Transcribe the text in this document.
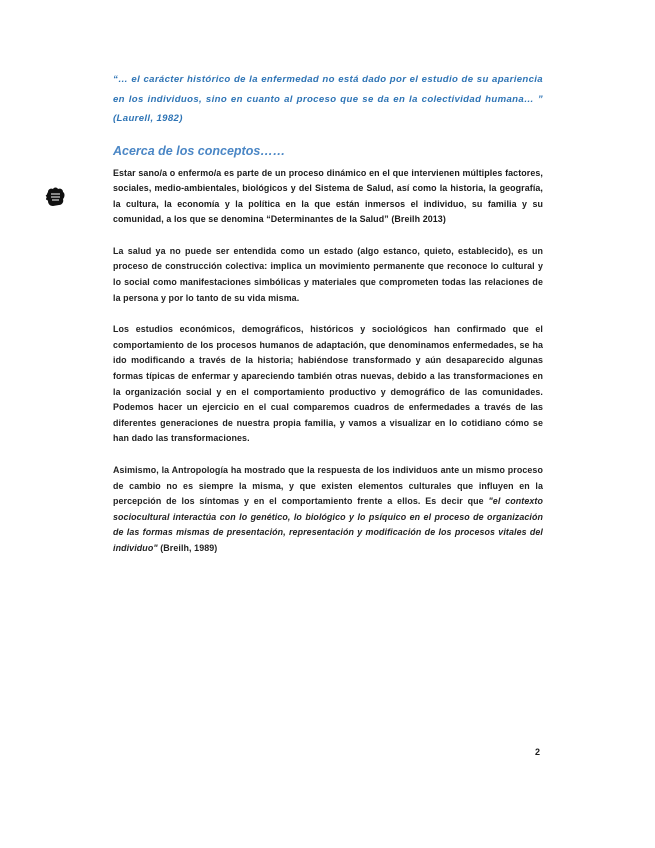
“… el carácter histórico de la enfermedad no está dado por el estudio de su apariencia en los individuos, sino en cuanto al proceso que se da en la colectividad humana… ” (Laurell, 1982)

Acerca de los conceptos……

Estar sano/a o enfermo/a es parte de un proceso dinámico en el que intervienen múltiples factores, sociales, medio-ambientales, biológicos y del Sistema de Salud, así como la historia, la geografía, la cultura, la economía y la política en la que están inmersos el individuo, su familia y su comunidad, a los que se denomina “Determinantes de la Salud” (Breilh 2013)

La salud ya no puede ser entendida como un estado (algo estanco, quieto, establecido), es un proceso de construcción colectiva: implica un movimiento permanente que reconoce lo cultural y lo social como manifestaciones simbólicas y materiales que comprometen todas las relaciones de la persona y por lo tanto de su vida misma.

Los estudios económicos, demográficos, históricos y sociológicos han confirmado que el comportamiento de los procesos humanos de adaptación, que denominamos enfermedades, se ha ido modificando a través de la historia; habiéndose transformado y aún desaparecido algunas formas típicas de enfermar y apareciendo también otras nuevas, debido a las transformaciones en la organización social y en el comportamiento productivo y demográfico de las comunidades. Podemos hacer un ejercicio en el cual comparemos cuadros de enfermedades a través de las diferentes generaciones de nuestra propia familia, y vamos a visualizar en lo cotidiano cómo se han dado las transformaciones.

Asimismo, la Antropología ha mostrado que la respuesta de los individuos ante un mismo proceso de cambio no es siempre la misma, y que existen elementos culturales que influyen en la percepción de los síntomas y en el comportamiento frente a ellos. Es decir que "el contexto sociocultural interactúa con lo genético, lo biológico y lo psíquico en el proceso de organización de las formas mismas de presentación, representación y modificación de los procesos vitales del individuo" (Breilh, 1989)

2
